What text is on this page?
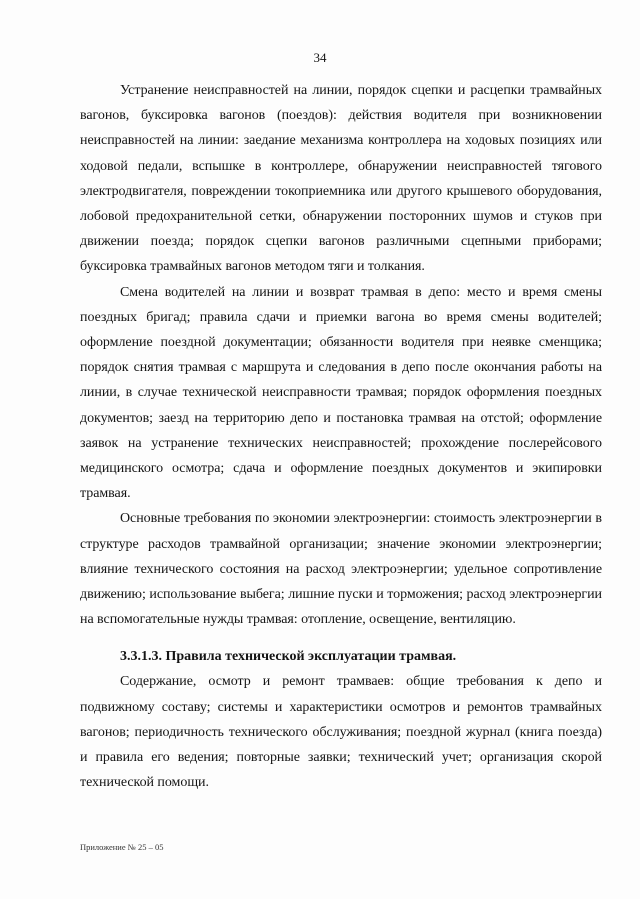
34

Устранение неисправностей на линии, порядок сцепки и расцепки трамвайных вагонов, буксировка вагонов (поездов): действия водителя при возникновении неисправностей на линии: заедание механизма контроллера на ходовых позициях или ходовой педали, вспышке в контроллере, обнаружении неисправностей тягового электродвигателя, повреждении токоприемника или другого крышевого оборудования, лобовой предохранительной сетки, обнаружении посторонних шумов и стуков при движении поезда; порядок сцепки вагонов различными сцепными приборами; буксировка трамвайных вагонов методом тяги и толкания.

Смена водителей на линии и возврат трамвая в депо: место и время смены поездных бригад; правила сдачи и приемки вагона во время смены водителей; оформление поездной документации; обязанности водителя при неявке сменщика; порядок снятия трамвая с маршрута и следования в депо после окончания работы на линии, в случае технической неисправности трамвая; порядок оформления поездных документов; заезд на территорию депо и постановка трамвая на отстой; оформление заявок на устранение технических неисправностей; прохождение послерейсового медицинского осмотра; сдача и оформление поездных документов и экипировки трамвая.

Основные требования по экономии электроэнергии: стоимость электроэнергии в структуре расходов трамвайной организации; значение экономии электроэнергии; влияние технического состояния на расход электроэнергии; удельное сопротивление движению; использование выбега; лишние пуски и торможения; расход электроэнергии на вспомогательные нужды трамвая: отопление, освещение, вентиляцию.

3.3.1.3. Правила технической эксплуатации трамвая.

Содержание, осмотр и ремонт трамваев: общие требования к депо и подвижному составу; системы и характеристики осмотров и ремонтов трамвайных вагонов; периодичность технического обслуживания; поездной журнал (книга поезда) и правила его ведения; повторные заявки; технический учет; организация скорой технической помощи.

Приложение № 25 – 05
